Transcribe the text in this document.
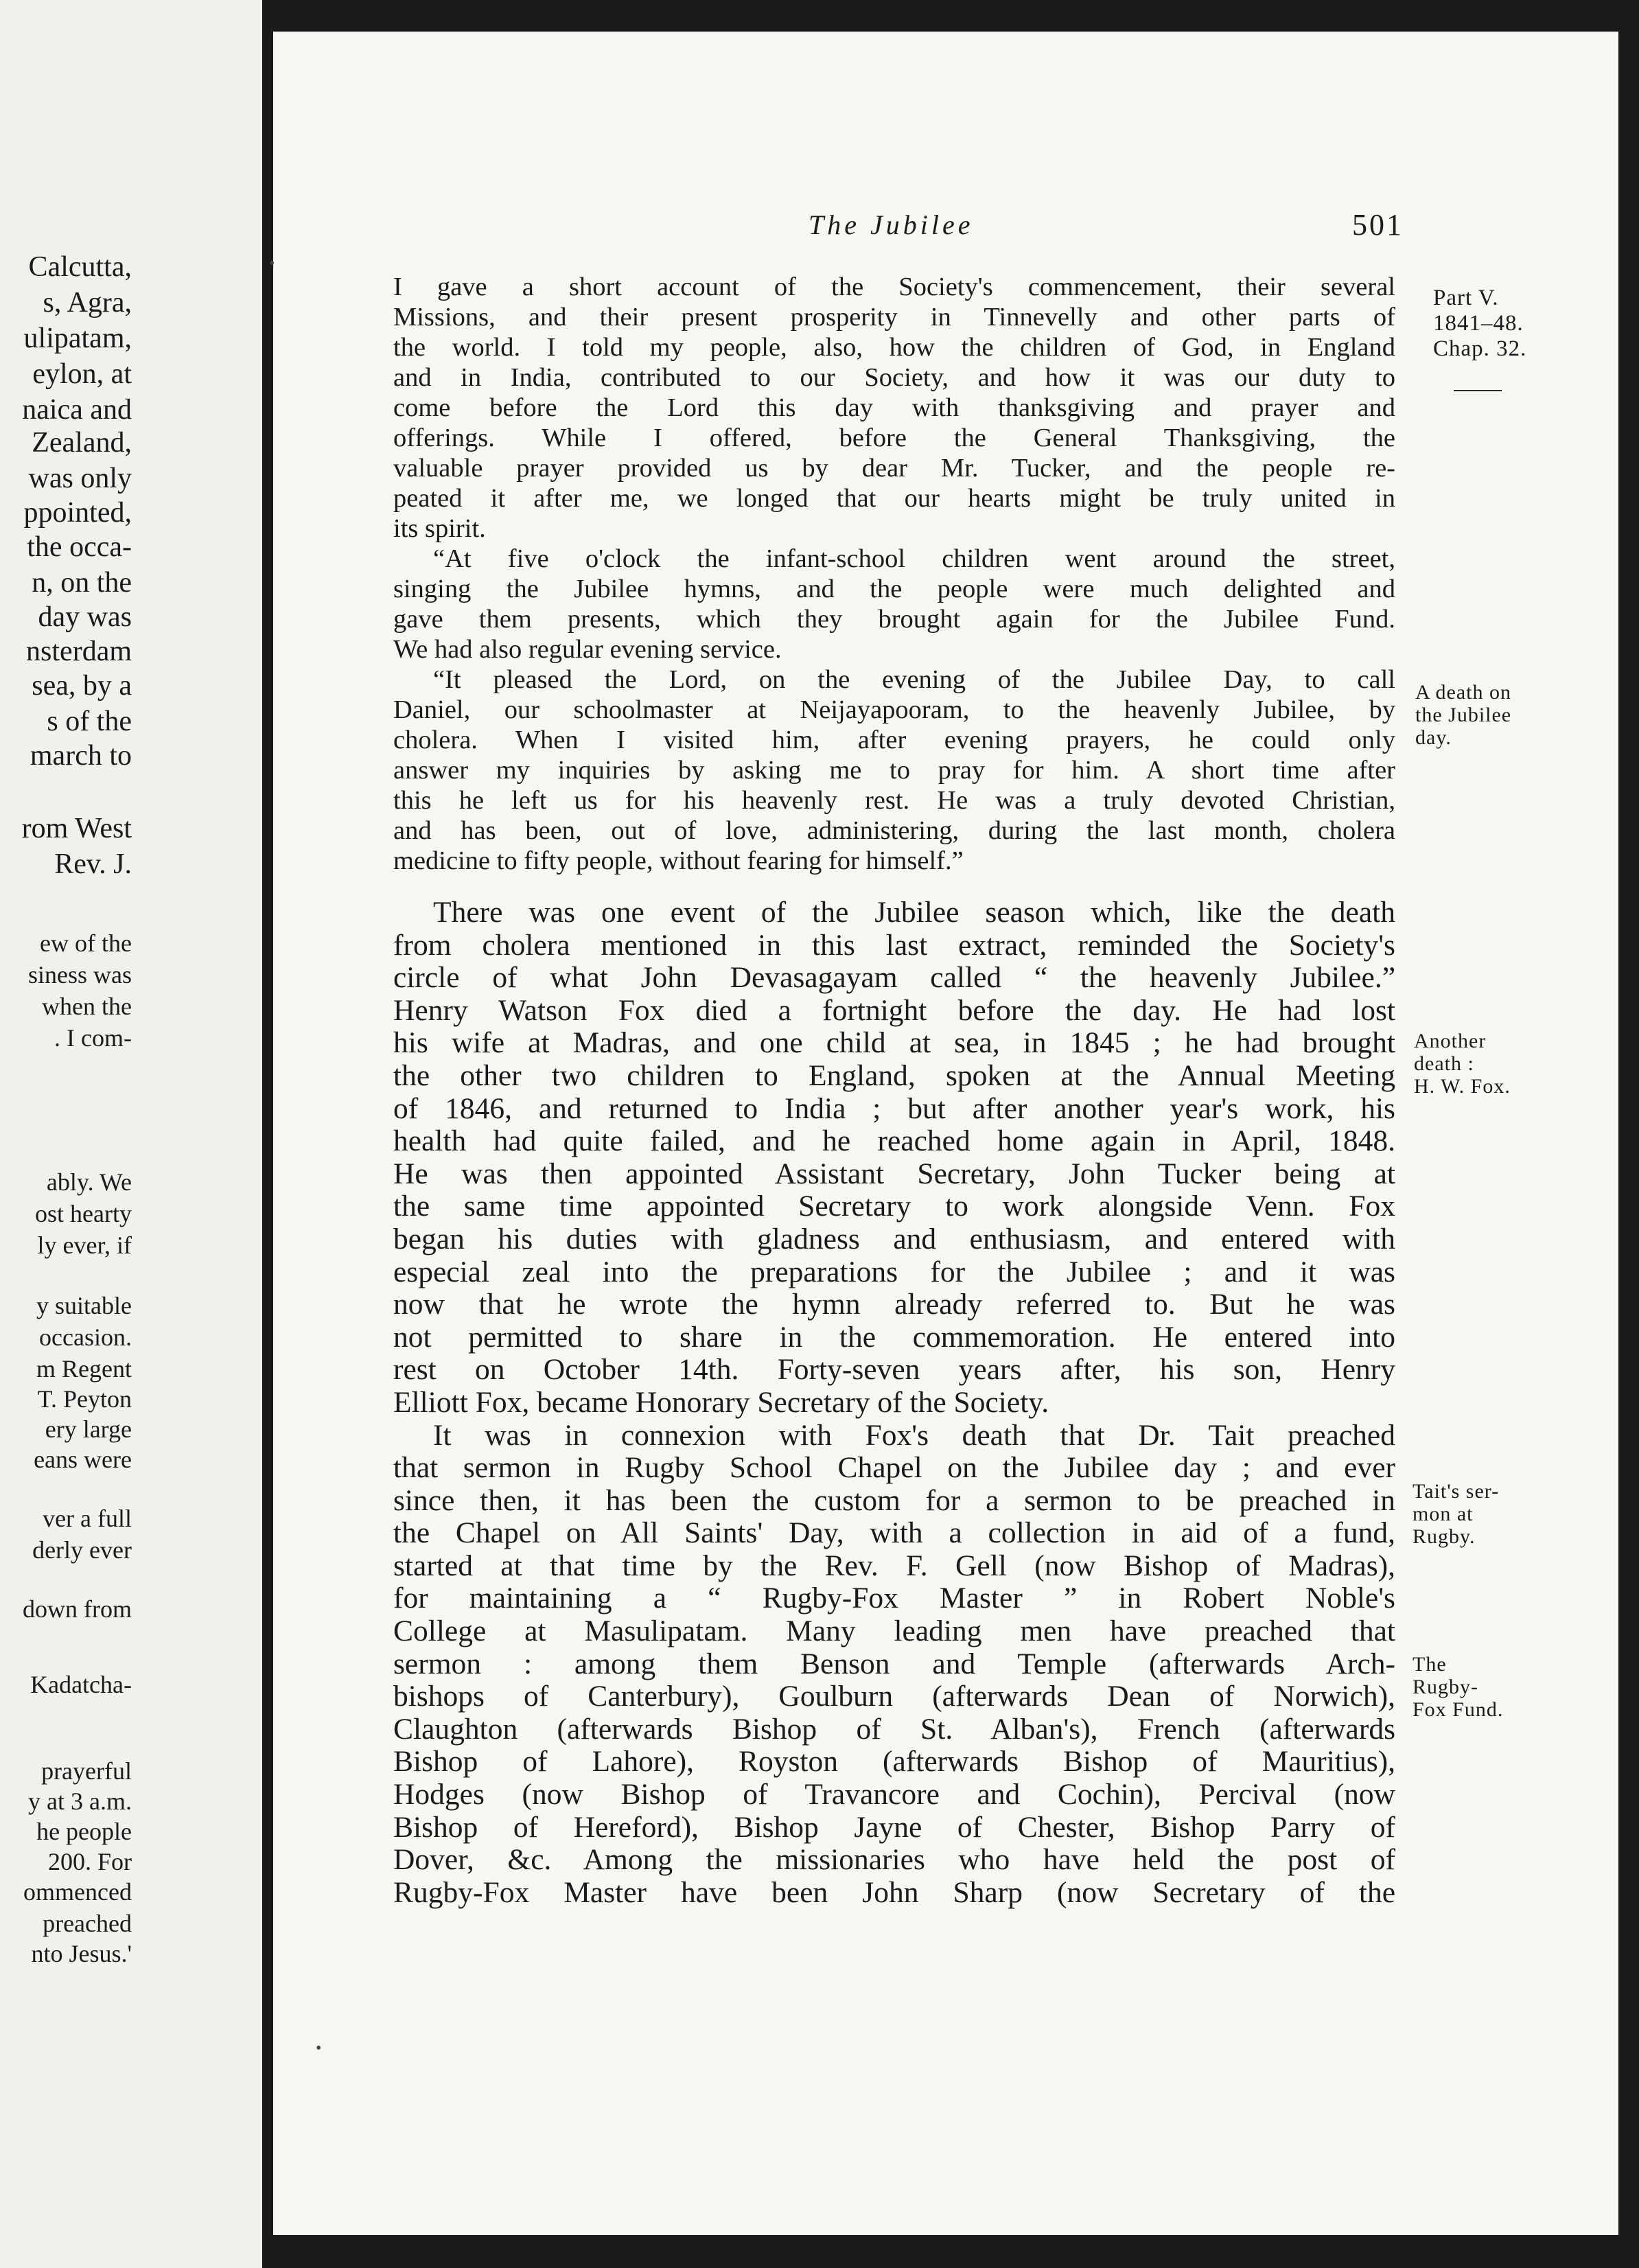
Calcutta,
s, Agra,
ulipatam,
eylon, at
naica and
Zealand,
was only
ppointed,
the occa-
n, on the
day was
nsterdam
sea, by a
s of the
march to
rom West
Rev. J.
ew of the
siness was
when the
. I com-
ably. We
ost hearty
ly ever, if
y suitable
occasion.
m Regent
T. Peyton
ery large
eans were
ver a full
derly ever
down from
Kadatcha-
prayerful
y at 3 a.m.
he people
200. For
ommenced
preached
nto Jesus.'
•
•
The Jubilee	501
I gave a short account of the Society's commencement, their several
Missions, and their present prosperity in Tinnevelly and other parts of
the world. I told my people, also, how the children of God, in England
and in India, contributed to our Society, and how it was our duty to
come before the Lord this day with thanksgiving and prayer and
offerings. While I offered, before the General Thanksgiving, the
valuable prayer provided us by dear Mr. Tucker, and the people re-
peated it after me, we longed that our hearts might be truly united in
its spirit.
“At five o'clock the infant-school children went around the street,
singing the Jubilee hymns, and the people were much delighted and
gave them presents, which they brought again for the Jubilee Fund.
We had also regular evening service.
“It pleased the Lord, on the evening of the Jubilee Day, to call
Daniel, our schoolmaster at Neijayapooram, to the heavenly Jubilee, by
cholera. When I visited him, after evening prayers, he could only
answer my inquiries by asking me to pray for him. A short time after
this he left us for his heavenly rest. He was a truly devoted Christian,
and has been, out of love, administering, during the last month, cholera
medicine to fifty people, without fearing for himself.”
There was one event of the Jubilee season which, like the death
from cholera mentioned in this last extract, reminded the Society's
circle of what John Devasagayam called “ the heavenly Jubilee.”
Henry Watson Fox died a fortnight before the day. He had lost
his wife at Madras, and one child at sea, in 1845 ; he had brought
the other two children to England, spoken at the Annual Meeting
of 1846, and returned to India ; but after another year's work, his
health had quite failed, and he reached home again in April, 1848.
He was then appointed Assistant Secretary, John Tucker being at
the same time appointed Secretary to work alongside Venn. Fox
began his duties with gladness and enthusiasm, and entered with
especial zeal into the preparations for the Jubilee ; and it was
now that he wrote the hymn already referred to. But he was
not permitted to share in the commemoration. He entered into
rest on October 14th. Forty-seven years after, his son, Henry
Elliott Fox, became Honorary Secretary of the Society.
It was in connexion with Fox's death that Dr. Tait preached
that sermon in Rugby School Chapel on the Jubilee day ; and ever
since then, it has been the custom for a sermon to be preached in
the Chapel on All Saints' Day, with a collection in aid of a fund,
started at that time by the Rev. F. Gell (now Bishop of Madras),
for maintaining a “ Rugby-Fox Master ” in Robert Noble's
College at Masulipatam. Many leading men have preached that
sermon : among them Benson and Temple (afterwards Arch-
bishops of Canterbury), Goulburn (afterwards Dean of Norwich),
Claughton (afterwards Bishop of St. Alban's), French (afterwards
Bishop of Lahore), Royston (afterwards Bishop of Mauritius),
Hodges (now Bishop of Travancore and Cochin), Percival (now
Bishop of Hereford), Bishop Jayne of Chester, Bishop Parry of
Dover, &c. Among the missionaries who have held the post of
Rugby-Fox Master have been John Sharp (now Secretary of the
Part V.
1841–48.
Chap. 32.
A death on
the Jubilee
day.
Another
death :
H. W. Fox.
Tait's ser-
mon at
Rugby.
The
Rugby-
Fox Fund.
